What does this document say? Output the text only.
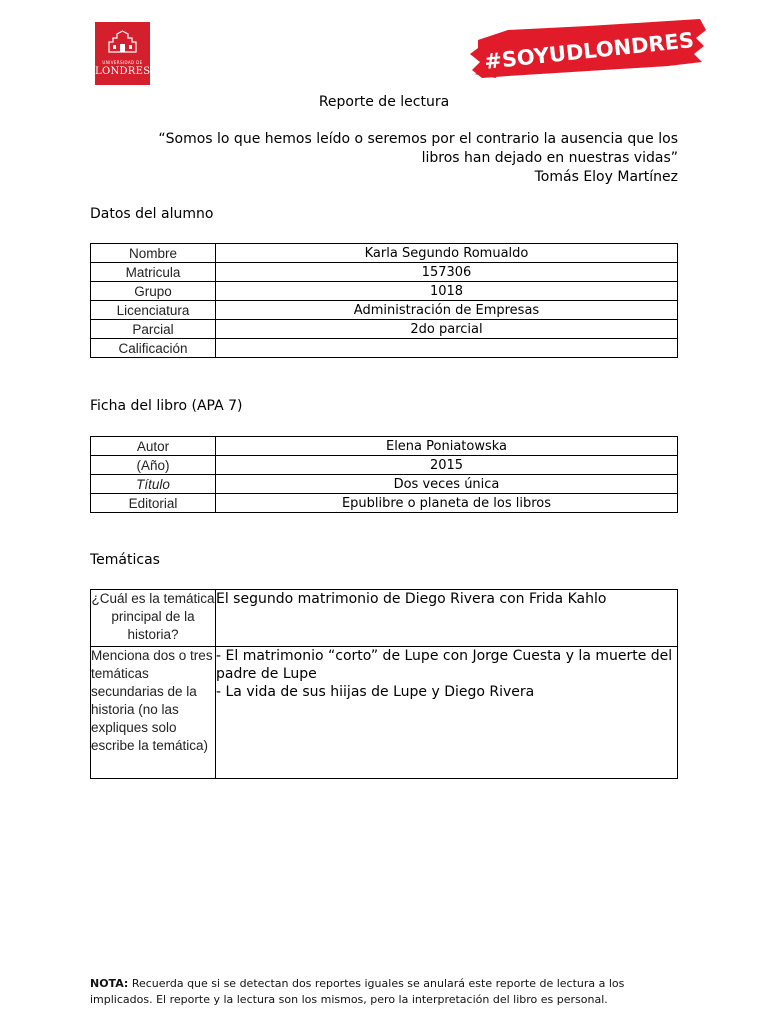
UNIVERSIDAD DE
LONDRES	#SOYUDLONDRES
Reporte de lectura
“Somos lo que hemos leído o seremos por el contrario la ausencia que los
libros han dejado en nuestras vidas”
Tomás Eloy Martínez
Datos del alumno
Nombre	Karla Segundo Romualdo
Matricula	157306
Grupo	1018
Licenciatura	Administración de Empresas
Parcial	2do parcial
Calificación	
Ficha del libro (APA 7)
Autor	Elena Poniatowska
(Año)	2015
Título	Dos veces única
Editorial	Epublibre o planeta de los libros
Temáticas
¿Cuál es la temática principal de la historia?	El segundo matrimonio de Diego Rivera con Frida Kahlo
Menciona dos o tres temáticas secundarias de la historia (no las expliques solo escribe la temática)	- El matrimonio “corto” de Lupe con Jorge Cuesta y la muerte del padre de Lupe
- La vida de sus hiijas de Lupe y Diego Rivera
NOTA: Recuerda que si se detectan dos reportes iguales se anulará este reporte de lectura a los implicados. El reporte y la lectura son los mismos, pero la interpretación del libro es personal.
